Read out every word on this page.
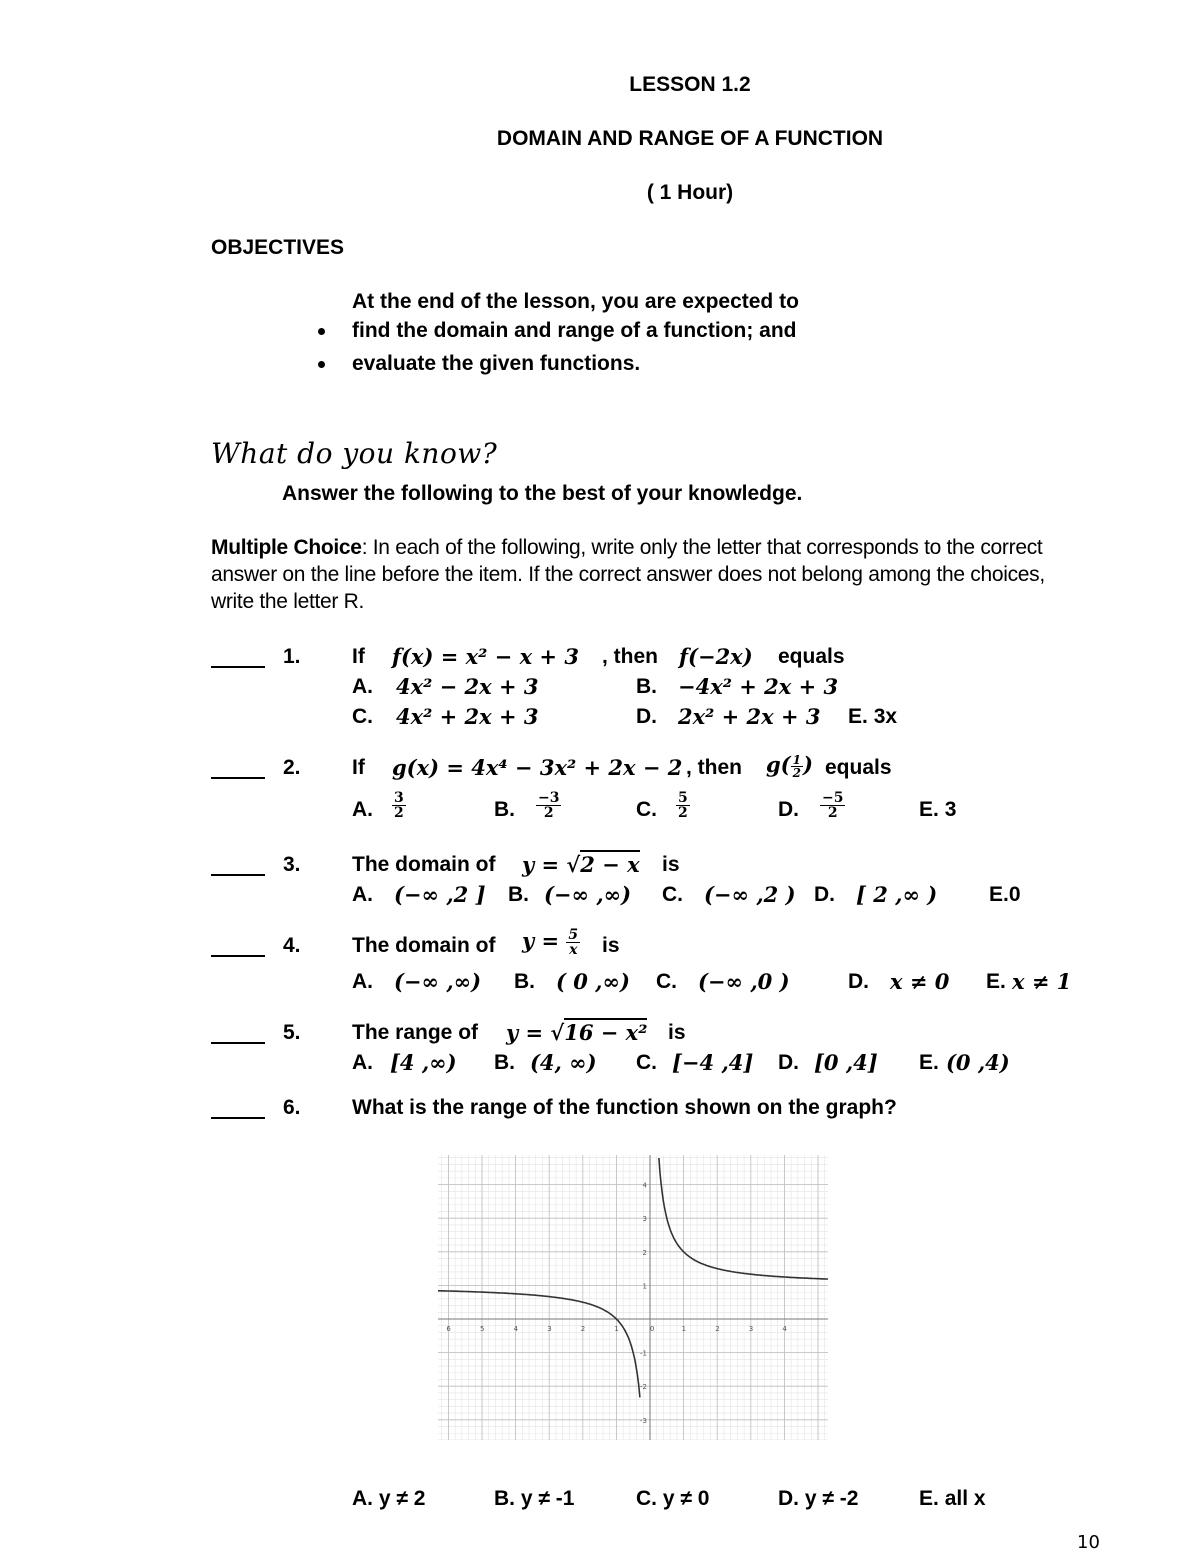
LESSON 1.2
DOMAIN AND RANGE OF A FUNCTION
( 1 Hour)
OBJECTIVES
At the end of the lesson, you are expected to
find the domain and range of a function; and
evaluate the given functions.
What do you know?
Answer the following to the best of your knowledge.
Multiple Choice: In each of the following, write only the letter that corresponds to the correct answer on the line before the item. If the correct answer does not belong among the choices, write the letter R.
1. If f(x) = x² − x + 3 , then f(−2x) equals
A. 4x² − 2x + 3	B. −4x² + 2x + 3
C. 4x² + 2x + 3	D. 2x² + 2x + 3 E. 3x
2. If g(x) = 4x⁴ − 3x² + 2x − 2 , then $g( \frac{1}{2}$ ) equals
A. $\frac{3}{2}$	B. $\frac{-3}{2}$	C. $\frac{5}{2}$	D. $\frac{-5}{2}$	E. 3
3. The domain of y = √2 − x is
A. (−∞ ,2 ] B. (−∞ ,∞) C. (−∞ ,2 ) D. [ 2 ,∞ ) E.0
4. The domain of $y = \frac{5}{x}$ is
A. (−∞ ,∞) B. ( 0 ,∞) C. (−∞ ,0 )	D. x ≠ 0 E. x ≠ 1
5. The range of y = √16 − x² is
A. [4 ,∞) B. (4, ∞) C. [−4 ,4] D. [0 ,4] E. (0 ,4)
6. What is the range of the function shown on the graph?
6	5	4	3	2	1	0	1	2	3	4
4
3
2
1
-1
-2
-3
A. y ≠ 2	B. y ≠ -1	C. y ≠ 0	D. y ≠ -2	E. all x
10
